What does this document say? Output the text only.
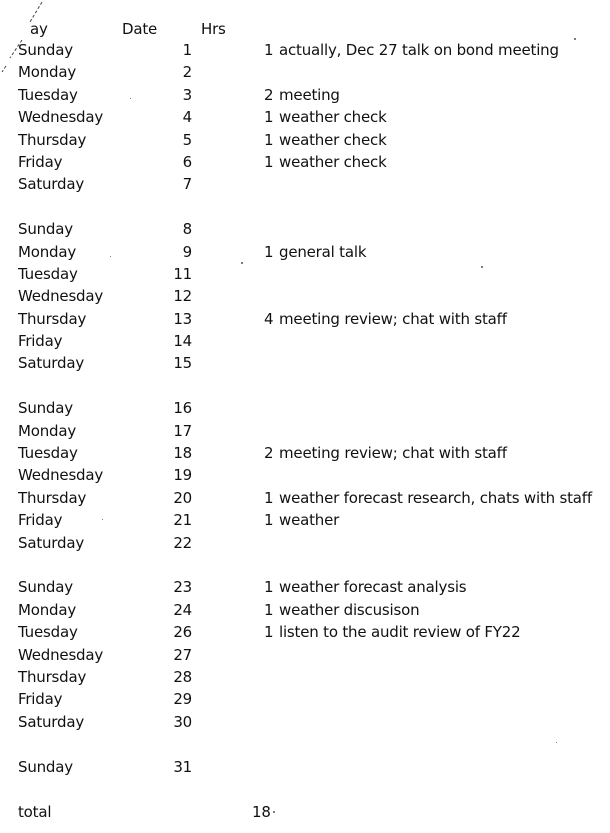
ay	Date	Hrs
Sunday	1	1 actually, Dec 27 talk on bond meeting
Monday	2
Tuesday	3	2 meeting
Wednesday	4	1 weather check
Thursday	5	1 weather check
Friday	6	1 weather check
Saturday	7
Sunday	8
Monday	9	1 general talk
Tuesday	11
Wednesday	12
Thursday	13	4 meeting review; chat with staff
Friday	14
Saturday	15
Sunday	16
Monday	17
Tuesday	18	2 meeting review; chat with staff
Wednesday	19
Thursday	20	1 weather forecast research, chats with staff
Friday	21	1 weather
Saturday	22
Sunday	23	1 weather forecast analysis
Monday	24	1 weather discusison
Tuesday	26	1 listen to the audit review of FY22
Wednesday	27
Thursday	28
Friday	29
Saturday	30
Sunday	31
total	18
